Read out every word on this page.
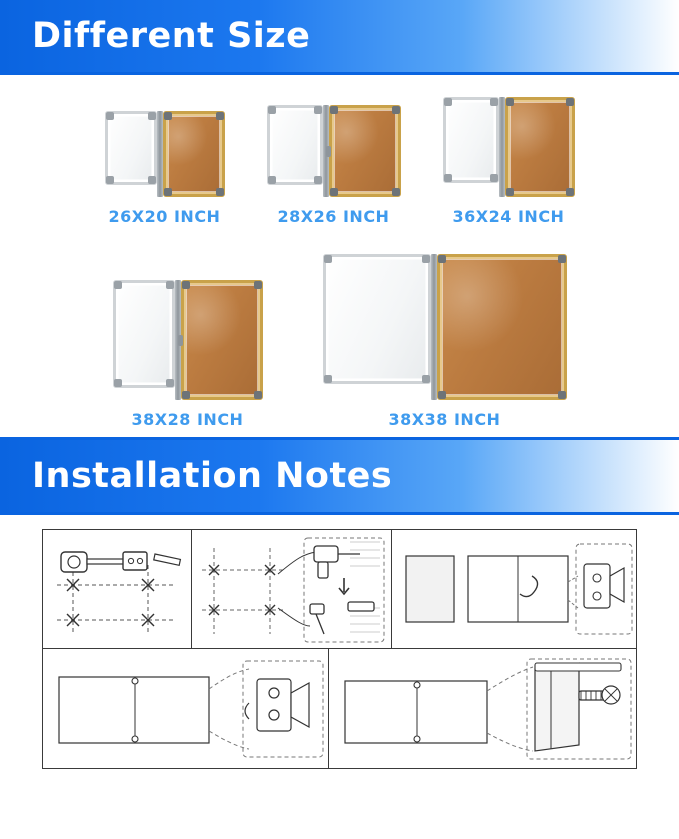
Different Size
26X20 INCH	28X26 INCH	36X24 INCH
38X28 INCH	38X38 INCH
Installation Notes
